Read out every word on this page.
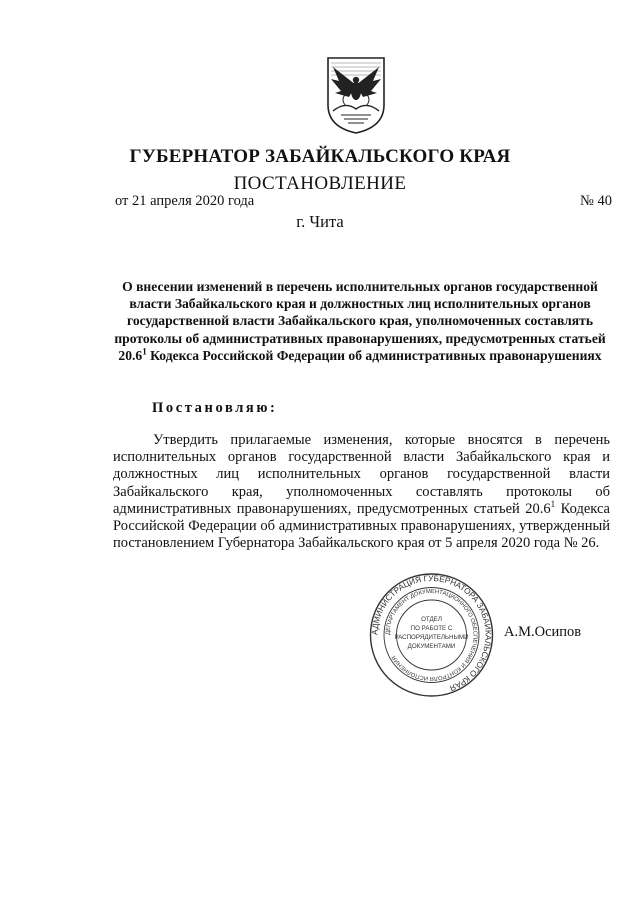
ГУБЕРНАТОР ЗАБАЙКАЛЬСКОГО КРАЯ
ПОСТАНОВЛЕНИЕ
от 21 апреля 2020 года	№ 40
г. Чита
О внесении изменений в перечень исполнительных органов государственной власти Забайкальского края и должностных лиц исполнительных органов государственной власти Забайкальского края, уполномоченных составлять протоколы об административных правонарушениях, предусмотренных статьей 20.6$^1$ Кодекса Российской Федерации об административных правонарушениях
Постановляю:

Утвердить прилагаемые изменения, которые вносятся в перечень исполнительных органов государственной власти Забайкальского края и должностных лиц исполнительных органов государственной власти Забайкальского края, уполномоченных составлять протоколы об административных правонарушениях, предусмотренных статьей 20.6$^1$ Кодекса Российской Федерации об административных правонарушениях, утвержденный постановлением Губернатора Забайкальского края от 5 апреля 2020 года № 26.

АДМИНИСТРАЦИЯ ГУБЕРНАТОРА ЗАБАЙКАЛЬСКОГО КРАЯ
ДЕПАРТАМЕНТ ДОКУМЕНТАЦИОННОГО ОБЕСПЕЧЕНИЯ И КОНТРОЛЯ ИСПОЛНЕНИЯ
ОТДЕЛ
ПО РАБОТЕ С
РАСПОРЯДИТЕЛЬНЫМИ
ДОКУМЕНТАМИ
А.М.Осипов
